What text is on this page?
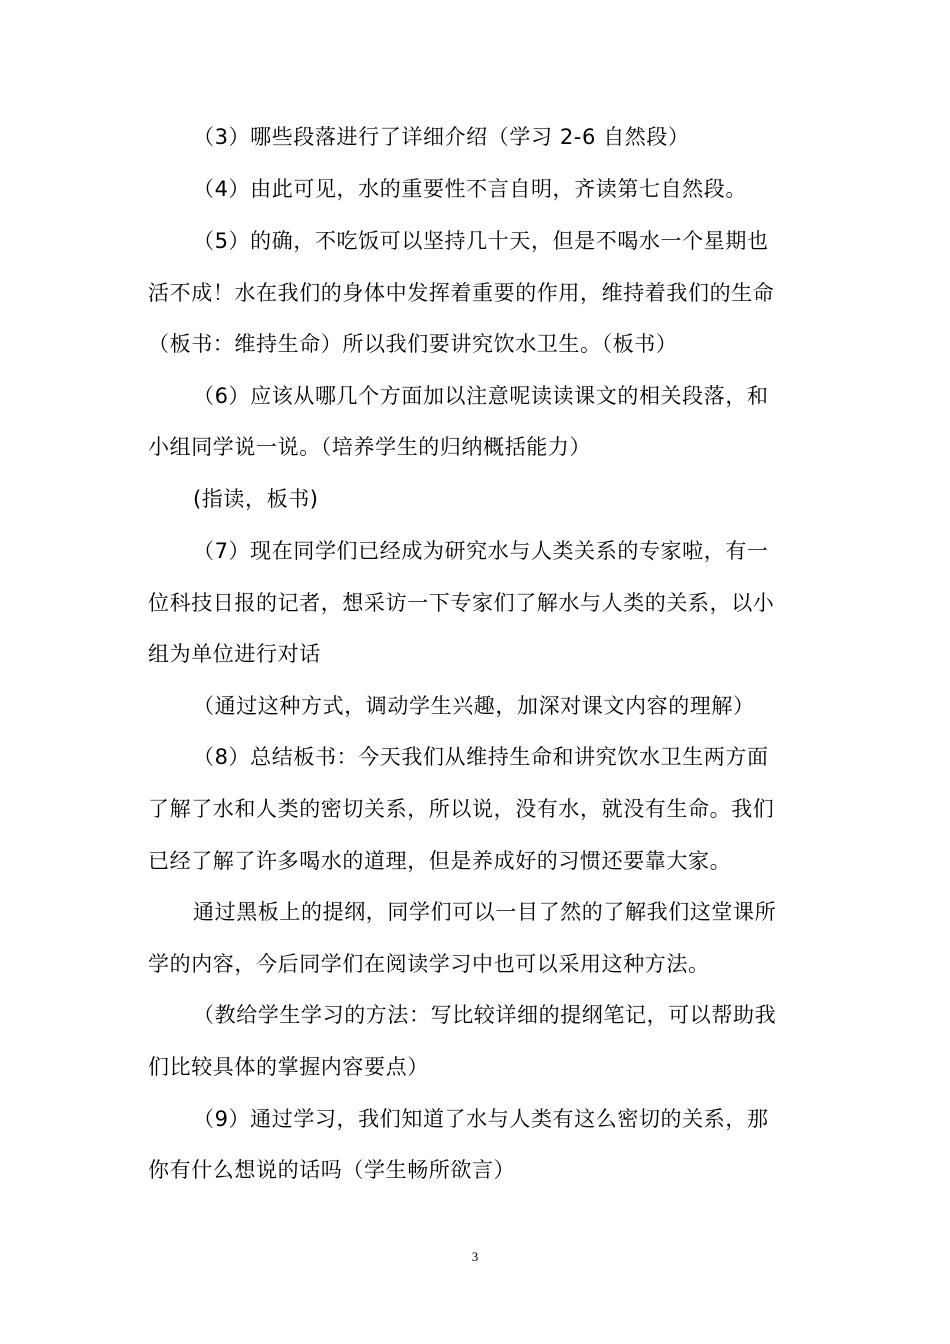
（3）哪些段落进行了详细介绍（学习 2-6 自然段）
（4）由此可见，水的重要性不言自明，齐读第七自然段。
（5）的确，不吃饭可以坚持几十天，但是不喝水一个星期也
活不成！水在我们的身体中发挥着重要的作用，维持着我们的生命
（板书：维持生命）所以我们要讲究饮水卫生。（板书）
（6）应该从哪几个方面加以注意呢读读课文的相关段落，和
小组同学说一说。（培养学生的归纳概括能力）
(指读，板书)
（7）现在同学们已经成为研究水与人类关系的专家啦，有一
位科技日报的记者，想采访一下专家们了解水与人类的关系，以小
组为单位进行对话
（通过这种方式，调动学生兴趣，加深对课文内容的理解）
（8）总结板书：今天我们从维持生命和讲究饮水卫生两方面
了解了水和人类的密切关系，所以说，没有水，就没有生命。我们
已经了解了许多喝水的道理，但是养成好的习惯还要靠大家。
通过黑板上的提纲，同学们可以一目了然的了解我们这堂课所
学的内容，今后同学们在阅读学习中也可以采用这种方法。
（教给学生学习的方法：写比较详细的提纲笔记，可以帮助我
们比较具体的掌握内容要点）
（9）通过学习，我们知道了水与人类有这么密切的关系，那
你有什么想说的话吗（学生畅所欲言）
3
